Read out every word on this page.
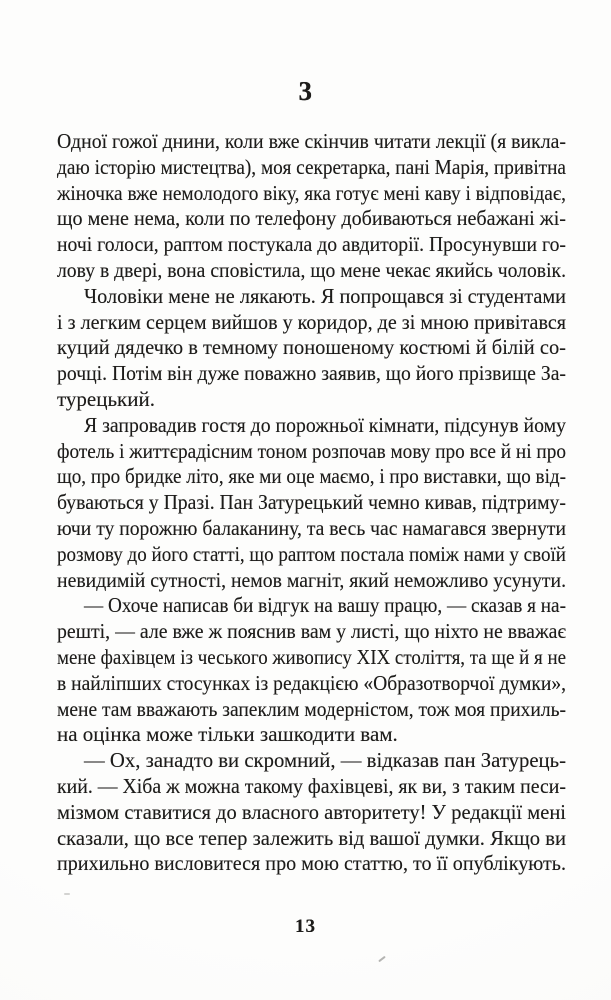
3
Одної гожої днини, коли вже скінчив читати лекції (я викла-
даю історію мистецтва), моя секретарка, пані Марія, привітна
жіночка вже немолодого віку, яка готує мені каву і відповідає,
що мене нема, коли по телефону добиваються небажані жі-
ночі голоси, раптом постукала до авдиторії. Просунувши го-
лову в двері, вона сповістила, що мене чекає якийсь чоловік.
Чоловіки мене не лякають. Я попрощався зі студентами
і з легким серцем вийшов у коридор, де зі мною привітався
куций дядечко в темному поношеному костюмі й білій со-
рочці. Потім він дуже поважно заявив, що його прізвище За-
турецький.
Я запровадив гостя до порожньої кімнати, підсунув йому
фотель і життєрадісним тоном розпочав мову про все й ні про
що, про бридке літо, яке ми оце маємо, і про виставки, що від-
буваються у Празі. Пан Затурецький чемно кивав, підтриму-
ючи ту порожню балаканину, та весь час намагався звернути
розмову до його статті, що раптом постала поміж нами у своїй
невидимій сутності, немов магніт, який неможливо усунути.
— Охоче написав би відгук на вашу працю, — сказав я на-
решті, — але вже ж пояснив вам у листі, що ніхто не вважає
мене фахівцем із чеського живопису XIX століття, та ще й я не
в найліпших стосунках із редакцією «Образотворчої думки»,
мене там вважають запеклим модерністом, тож моя прихиль-
на оцінка може тільки зашкодити вам.
— Ох, занадто ви скромний, — відказав пан Затурець-
кий. — Хіба ж можна такому фахівцеві, як ви, з таким песи-
мізмом ставитися до власного авторитету! У редакції мені
сказали, що все тепер залежить від вашої думки. Якщо ви
прихильно висловитеся про мою статтю, то її опублікують.
13
